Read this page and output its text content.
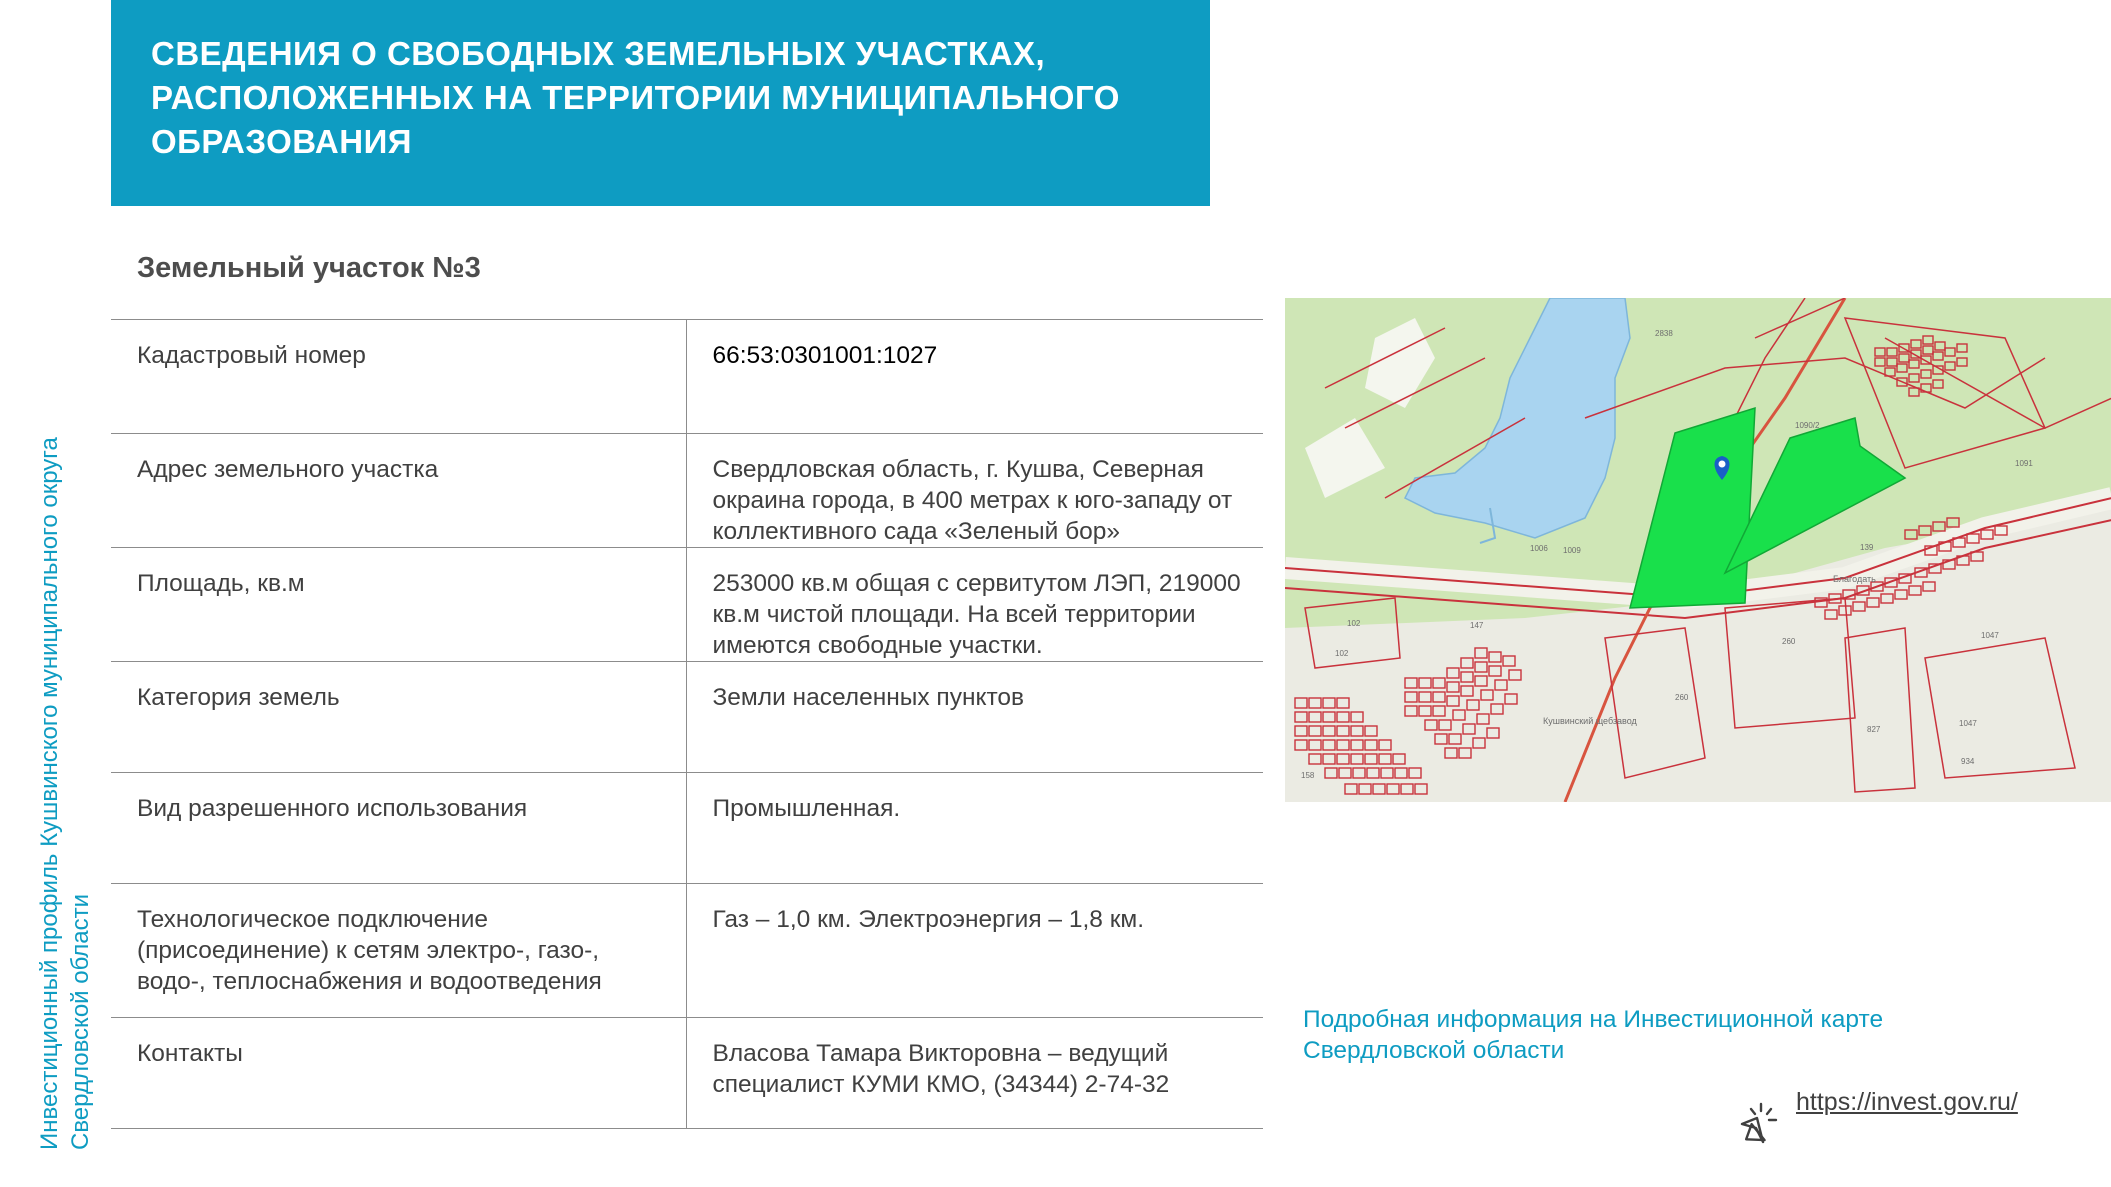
СВЕДЕНИЯ О СВОБОДНЫХ ЗЕМЕЛЬНЫХ УЧАСТКАХ, РАСПОЛОЖЕННЫХ НА ТЕРРИТОРИИ МУНИЦИПАЛЬНОГО ОБРАЗОВАНИЯ
Инвестиционный профиль Кушвинского муниципального округа Свердловской области
Земельный участок №3
Кадастровый номер	66:53:0301001:1027
Адрес земельного участка	Свердловская область, г. Кушва, Северная окраина города, в 400 метрах к юго-западу от коллективного сада «Зеленый бор»
Площадь, кв.м	253000 кв.м общая с сервитутом ЛЭП, 219000 кв.м чистой площади. На всей территории имеются свободные участки.
Категория земель	Земли населенных пунктов
Вид разрешенного использования	Промышленная.
Технологическое подключение (присоединение) к сетям электро-, газо-, водо-, теплоснабжения и водоотведения	Газ – 1,0 км. Электроэнергия – 1,8 км.
Контакты	Власова Тамара Викторовна – ведущий специалист КУМИ КМО, (34344) 2-74-32
2838
1090/2
1091
1006 1009	139
147
260
102
102
260
827
1047
1047
934
158
Кушвинский щебзавод
Благодать
Подробная информация на Инвестиционной карте Свердловской области
https://invest.gov.ru/
